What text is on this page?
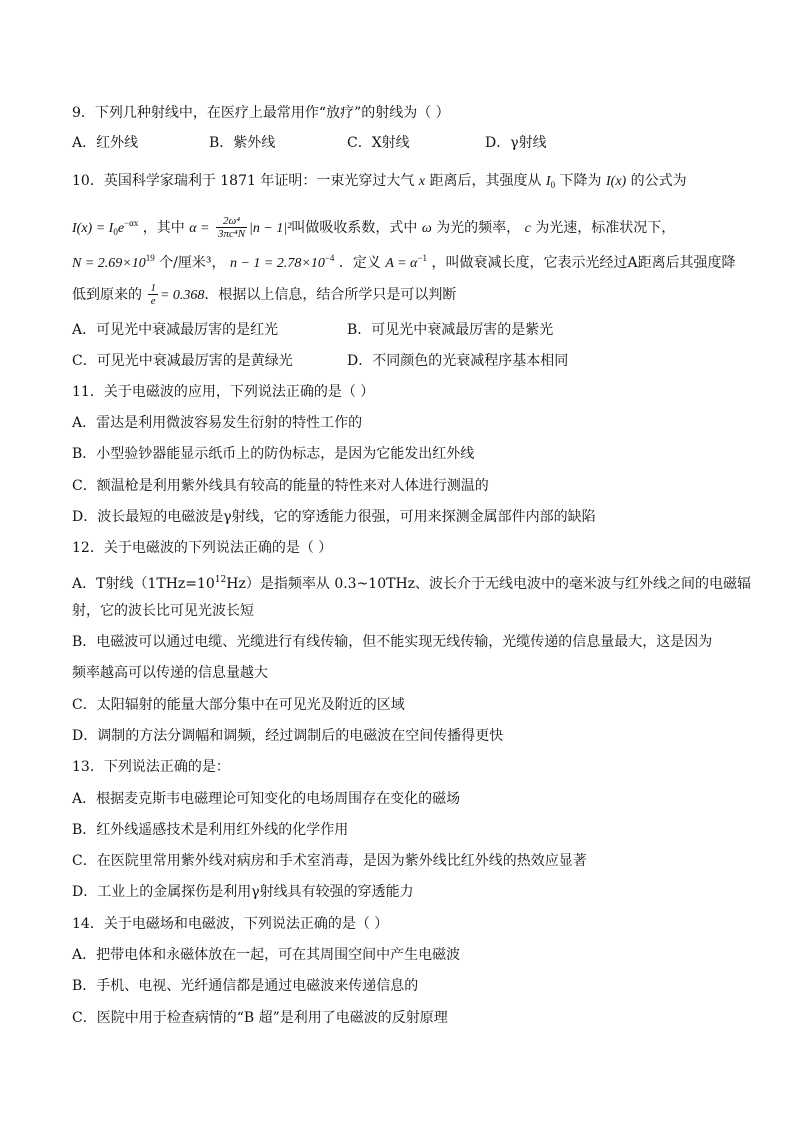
9．下列几种射线中，在医疗上最常用作“放疗”的射线为（ ）
A．红外线	B．紫外线	C．X射线	D．γ射线
10．英国科学家瑞利于 1871 年证明：一束光穿过大气 x 距离后，其强度从 $I_0$ 下降为 I(x) 的公式为
$I(x) = I_0e^{-\alpha x}$ ，其中 $\alpha = \frac{\text{2ω⁴}}{\text{3πc⁴N}} |n - 1|^2$叫做吸收系数，式中 ω 为光的频率， c 为光速，标准状况下，
$N = 2.69\times 10^{19}$ 个/厘米³， $n - 1 = 2.78\times 10^{-4}$ ．定义 $A = \alpha^{-1}$ ，叫做衰减长度，它表示光经过A距离后其强度降
低到原来的 $\frac{1}{e} = 0.368$．根据以上信息，结合所学只是可以判断
A．可见光中衰减最厉害的是红光	B．可见光中衰减最厉害的是紫光
C．可见光中衰减最厉害的是黄绿光	D．不同颜色的光衰减程序基本相同
11．关于电磁波的应用，下列说法正确的是（ ）
A．雷达是利用微波容易发生衍射的特性工作的
B．小型验钞器能显示纸币上的防伪标志，是因为它能发出红外线
C．额温枪是利用紫外线具有较高的能量的特性来对人体进行测温的
D．波长最短的电磁波是γ射线，它的穿透能力很强，可用来探测金属部件内部的缺陷
12．关于电磁波的下列说法正确的是（ ）
A．T射线$(1THz=10^{12}Hz)$是指频率从 0.3~10THz、波长介于无线电波中的毫米波与红外线之间的电磁辐
射，它的波长比可见光波长短
B．电磁波可以通过电缆、光缆进行有线传输，但不能实现无线传输，光缆传递的信息量最大，这是因为
频率越高可以传递的信息量越大
C．太阳辐射的能量大部分集中在可见光及附近的区域
D．调制的方法分调幅和调频，经过调制后的电磁波在空间传播得更快
13．下列说法正确的是：
A．根据麦克斯韦电磁理论可知变化的电场周围存在变化的磁场
B．红外线遥感技术是利用红外线的化学作用
C．在医院里常用紫外线对病房和手术室消毒，是因为紫外线比红外线的热效应显著
D．工业上的金属探伤是利用γ射线具有较强的穿透能力
14．关于电磁场和电磁波，下列说法正确的是（ ）
A．把带电体和永磁体放在一起，可在其周围空间中产生电磁波
B．手机、电视、光纤通信都是通过电磁波来传递信息的
C．医院中用于检查病情的“B 超”是利用了电磁波的反射原理
